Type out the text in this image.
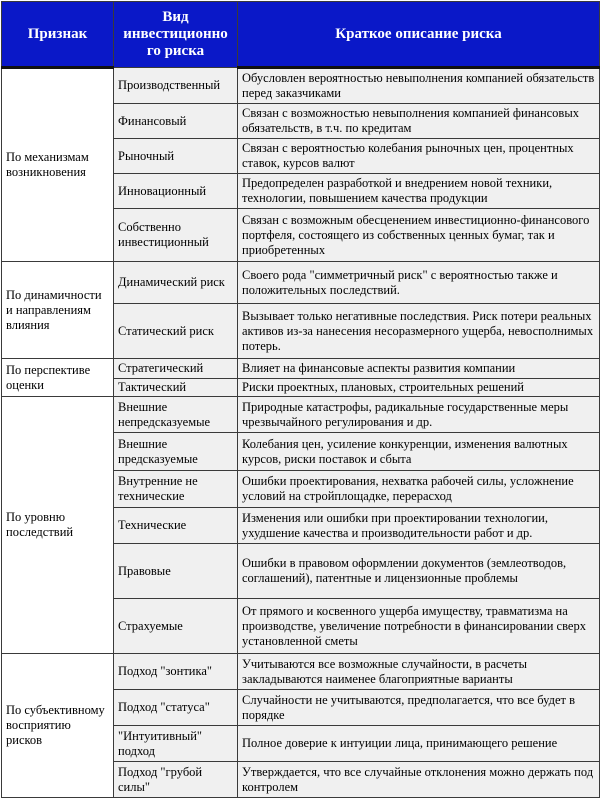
Признак	Вид инвестиционно го риска	Краткое описание риска
По механизмам возникновения	Производственный	Обусловлен вероятностью невыполнения компанией обязательств перед заказчиками
	Финансовый	Связан с возможностью невыполнения компанией финансовых обязательств, в т.ч. по кредитам
	Рыночный	Связан с вероятностью колебания рыночных цен, процентных ставок, курсов валют
	Инновационный	Предопределен разработкой и внедрением новой техники, технологии, повышением качества продукции
	Собственно инвестиционный	Связан с возможным обесценением инвестиционно-финансового портфеля, состоящего из собственных ценных бумаг, так и приобретенных
По динамичности и направлениям влияния	Динамический риск	Своего рода "симметричный риск" с вероятностью также и положительных последствий.
	Статический риск	Вызывает только негативные последствия. Риск потери реальных активов из-за нанесения несоразмерного ущерба, невосполнимых потерь.
По перспективе оценки	Стратегический	Влияет на финансовые аспекты развития компании
	Тактический	Риски проектных, плановых, строительных решений
По уровню последствий	Внешние непредсказуемые	Природные катастрофы, радикальные государственные меры чрезвычайного регулирования и др.
	Внешние предсказуемые	Колебания цен, усиление конкуренции, изменения валютных курсов, риски поставок и сбыта
	Внутренние не технические	Ошибки проектирования, нехватка рабочей силы, усложнение условий на стройплощадке, перерасход
	Технические	Изменения или ошибки при проектировании технологии, ухудшение качества и производительности работ и др.
	Правовые	Ошибки в правовом оформлении документов (землеотводов, соглашений), патентные и лицензионные проблемы
	Страхуемые	От прямого и косвенного ущерба имуществу, травматизма на производстве, увеличение потребности в финансировании сверх установленной сметы
По субъективному восприятию рисков	Подход "зонтика"	Учитываются все возможные случайности, в расчеты закладываются наименее благоприятные варианты
	Подход "статуса"	Случайности не учитываются, предполагается, что все будет в порядке
	"Интуитивный" подход	Полное доверие к интуиции лица, принимающего решение
	Подход "грубой силы"	Утверждается, что все случайные отклонения можно держать под контролем
